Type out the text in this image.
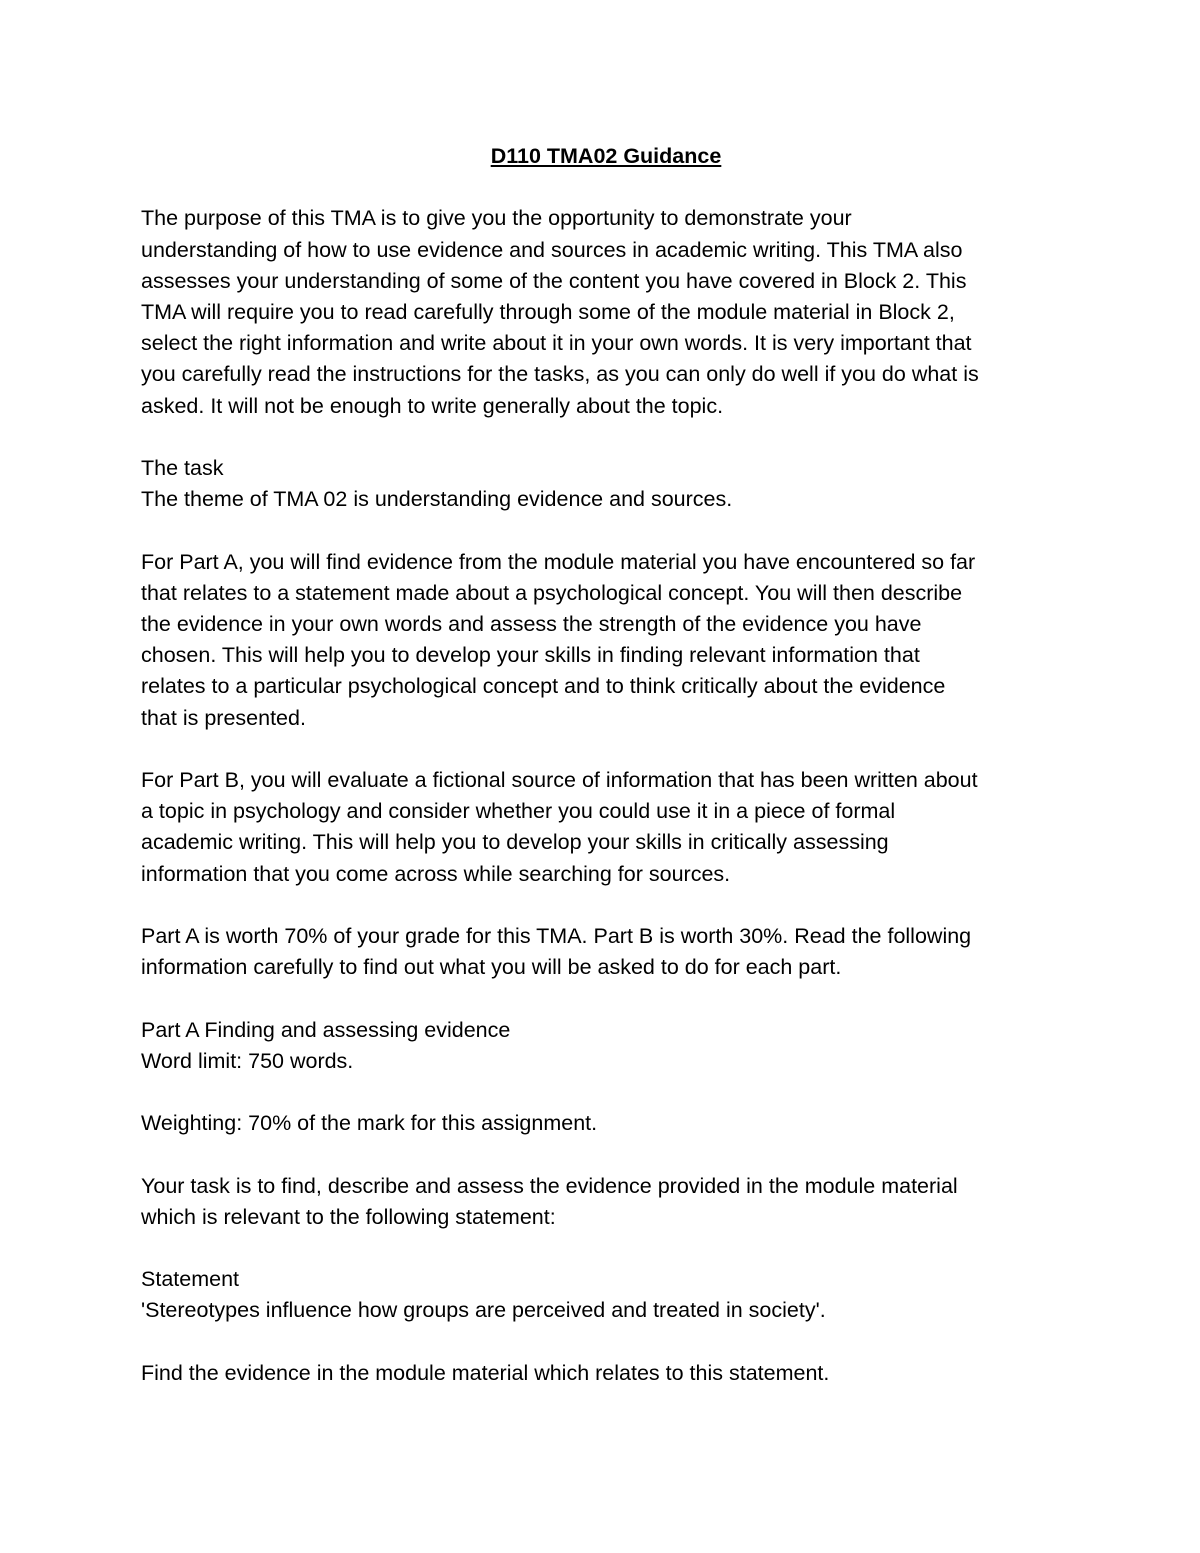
D110 TMA02 Guidance
The purpose of this TMA is to give you the opportunity to demonstrate your
understanding of how to use evidence and sources in academic writing. This TMA also
assesses your understanding of some of the content you have covered in Block 2. This
TMA will require you to read carefully through some of the module material in Block 2,
select the right information and write about it in your own words. It is very important that
you carefully read the instructions for the tasks, as you can only do well if you do what is
asked. It will not be enough to write generally about the topic.
The task
The theme of TMA 02 is understanding evidence and sources.
For Part A, you will find evidence from the module material you have encountered so far
that relates to a statement made about a psychological concept. You will then describe
the evidence in your own words and assess the strength of the evidence you have
chosen. This will help you to develop your skills in finding relevant information that
relates to a particular psychological concept and to think critically about the evidence
that is presented.
For Part B, you will evaluate a fictional source of information that has been written about
a topic in psychology and consider whether you could use it in a piece of formal
academic writing. This will help you to develop your skills in critically assessing
information that you come across while searching for sources.
Part A is worth 70% of your grade for this TMA. Part B is worth 30%. Read the following
information carefully to find out what you will be asked to do for each part.
Part A Finding and assessing evidence
Word limit: 750 words.
Weighting: 70% of the mark for this assignment.
Your task is to find, describe and assess the evidence provided in the module material
which is relevant to the following statement:
Statement
'Stereotypes influence how groups are perceived and treated in society'.
Find the evidence in the module material which relates to this statement.
